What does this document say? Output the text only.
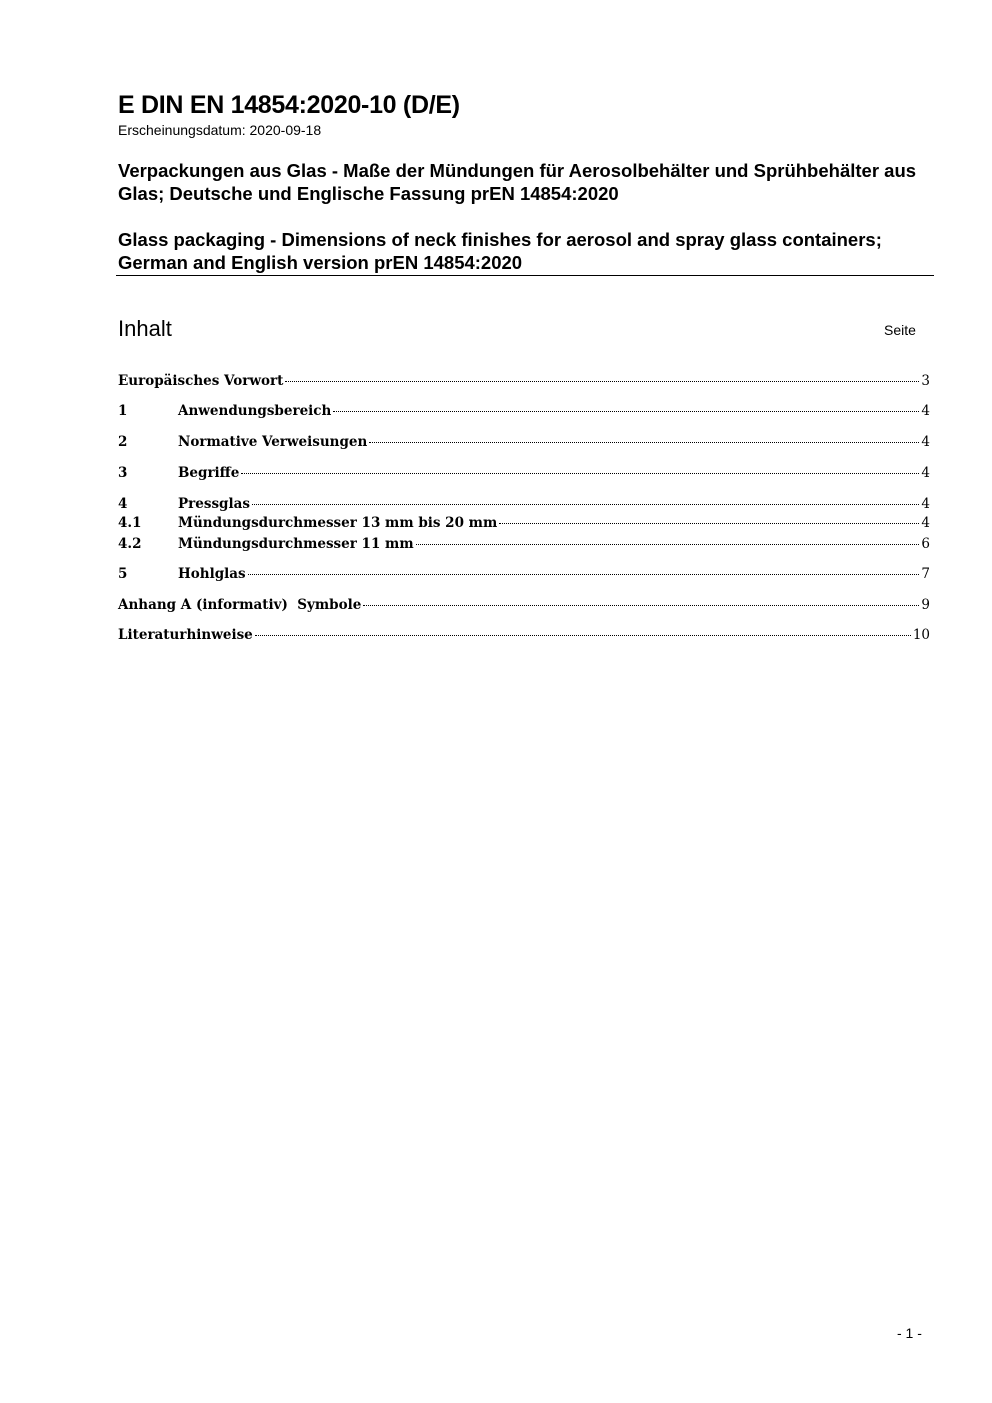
E DIN EN 14854:2020-10 (D/E)
Erscheinungsdatum: 2020-09-18
Verpackungen aus Glas - Maße der Mündungen für Aerosolbehälter und Sprühbehälter aus Glas; Deutsche und Englische Fassung prEN 14854:2020
Glass packaging - Dimensions of neck finishes for aerosol and spray glass containers; German and English version prEN 14854:2020
Inhalt	Seite
Europäisches Vorwort	3
1	Anwendungsbereich	4
2	Normative Verweisungen	4
3	Begriffe	4
4	Pressglas	4
4.1	Mündungsdurchmesser 13 mm bis 20 mm	4
4.2	Mündungsdurchmesser 11 mm	6
5	Hohlglas	7
Anhang A (informativ)  Symbole	9
Literaturhinweise	10
- 1 -
